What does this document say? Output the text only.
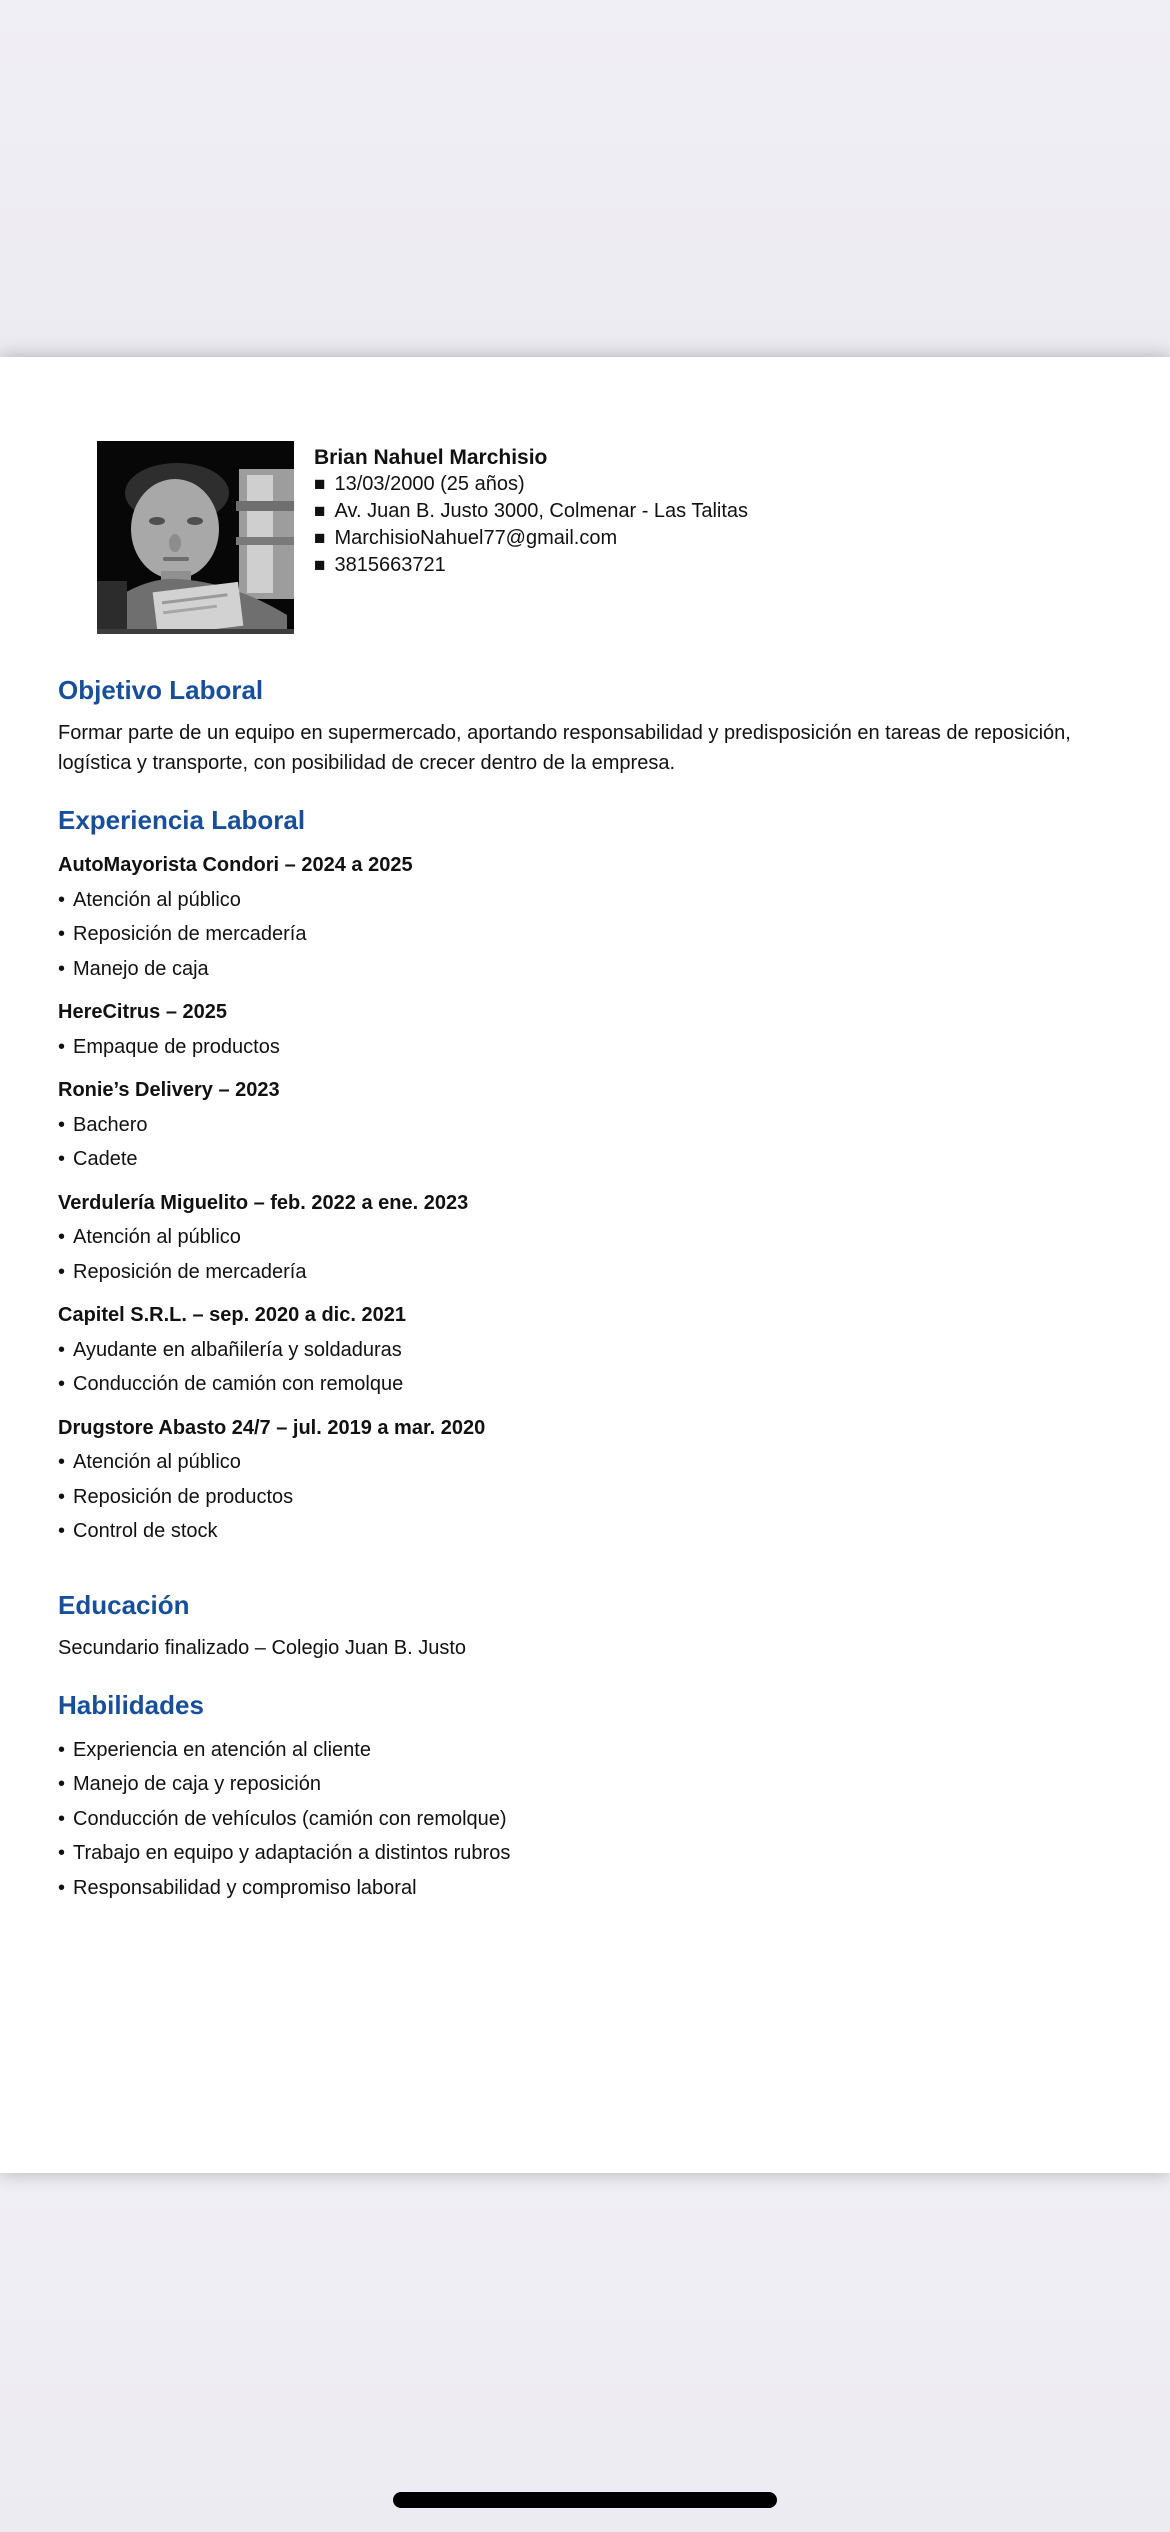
Brian Nahuel Marchisio
■ 13/03/2000 (25 años)
■ Av. Juan B. Justo 3000, Colmenar - Las Talitas
■ MarchisioNahuel77@gmail.com
■ 3815663721
Objetivo Laboral

Formar parte de un equipo en supermercado, aportando responsabilidad y predisposición en tareas de reposición, logística y transporte, con posibilidad de crecer dentro de la empresa.

Experiencia Laboral
AutoMayorista Condori – 2024 a 2025
• Atención al público
• Reposición de mercadería
• Manejo de caja
HereCitrus – 2025
• Empaque de productos
Ronie’s Delivery – 2023
• Bachero
• Cadete
Verdulería Miguelito – feb. 2022 a ene. 2023
• Atención al público
• Reposición de mercadería
Capitel S.R.L. – sep. 2020 a dic. 2021
• Ayudante en albañilería y soldaduras
• Conducción de camión con remolque
Drugstore Abasto 24/7 – jul. 2019 a mar. 2020
• Atención al público
• Reposición de productos
• Control de stock
Educación

Secundario finalizado – Colegio Juan B. Justo

Habilidades
• Experiencia en atención al cliente
• Manejo de caja y reposición
• Conducción de vehículos (camión con remolque)
• Trabajo en equipo y adaptación a distintos rubros
• Responsabilidad y compromiso laboral
